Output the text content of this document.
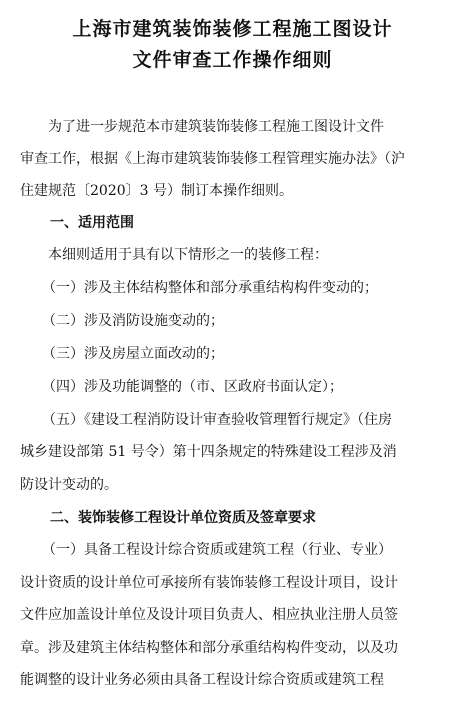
上海市建筑装饰装修工程施工图设计
文件审查工作操作细则
为了进一步规范本市建筑装饰装修工程施工图设计文件
审查工作，根据《上海市建筑装饰装修工程管理实施办法》（沪
住建规范〔2020〕3 号）制订本操作细则。
一、适用范围
本细则适用于具有以下情形之一的装修工程：
（一）涉及主体结构整体和部分承重结构构件变动的；
（二）涉及消防设施变动的；
（三）涉及房屋立面改动的；
（四）涉及功能调整的（市、区政府书面认定）；
（五）《建设工程消防设计审查验收管理暂行规定》（住房
城乡建设部第 51 号令）第十四条规定的特殊建设工程涉及消
防设计变动的。
二、装饰装修工程设计单位资质及签章要求
（一）具备工程设计综合资质或建筑工程（行业、专业）
设计资质的设计单位可承接所有装饰装修工程设计项目，设计
文件应加盖设计单位及设计项目负责人、相应执业注册人员签
章。涉及建筑主体结构整体和部分承重结构构件变动，以及功
能调整的设计业务必须由具备工程设计综合资质或建筑工程
